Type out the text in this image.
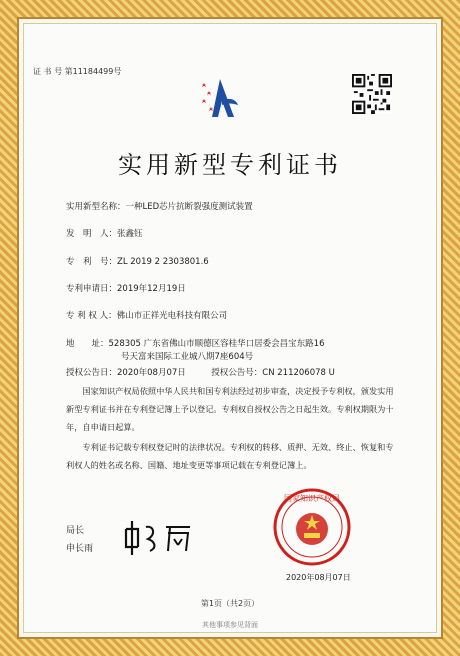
证 书 号 第11184499号
实用新型专利证书
实用新型名称：一种LED芯片抗断裂强度测试装置
发　明　人：张鑫钰
专　利　号：ZL 2019 2 2303801.6
专利申请日：2019年12月19日
专 利 权 人：佛山市正祥光电科技有限公司
地　　址：528305 广东省佛山市顺德区容桂华口居委会昌宝东路16
号天富来国际工业城八期7座604号
授权公告日：2020年08月07日　　　授权公告号：CN 211206078 U
国家知识产权局依照中华人民共和国专利法经过初步审查，决定授予专利权，颁发实用新型专利证书并在专利登记簿上予以登记。专利权自授权公告之日起生效。专利权期限为十年，自申请日起算。
专利证书记载专利权登记时的法律状况。专利权的转移、质押、无效、终止、恢复和专利权人的姓名或名称、国籍、地址变更等事项记载在专利登记簿上。
局长
申长雨
国家知识产权局
2020年08月07日
第1页（共2页）
其他事项参见背面
